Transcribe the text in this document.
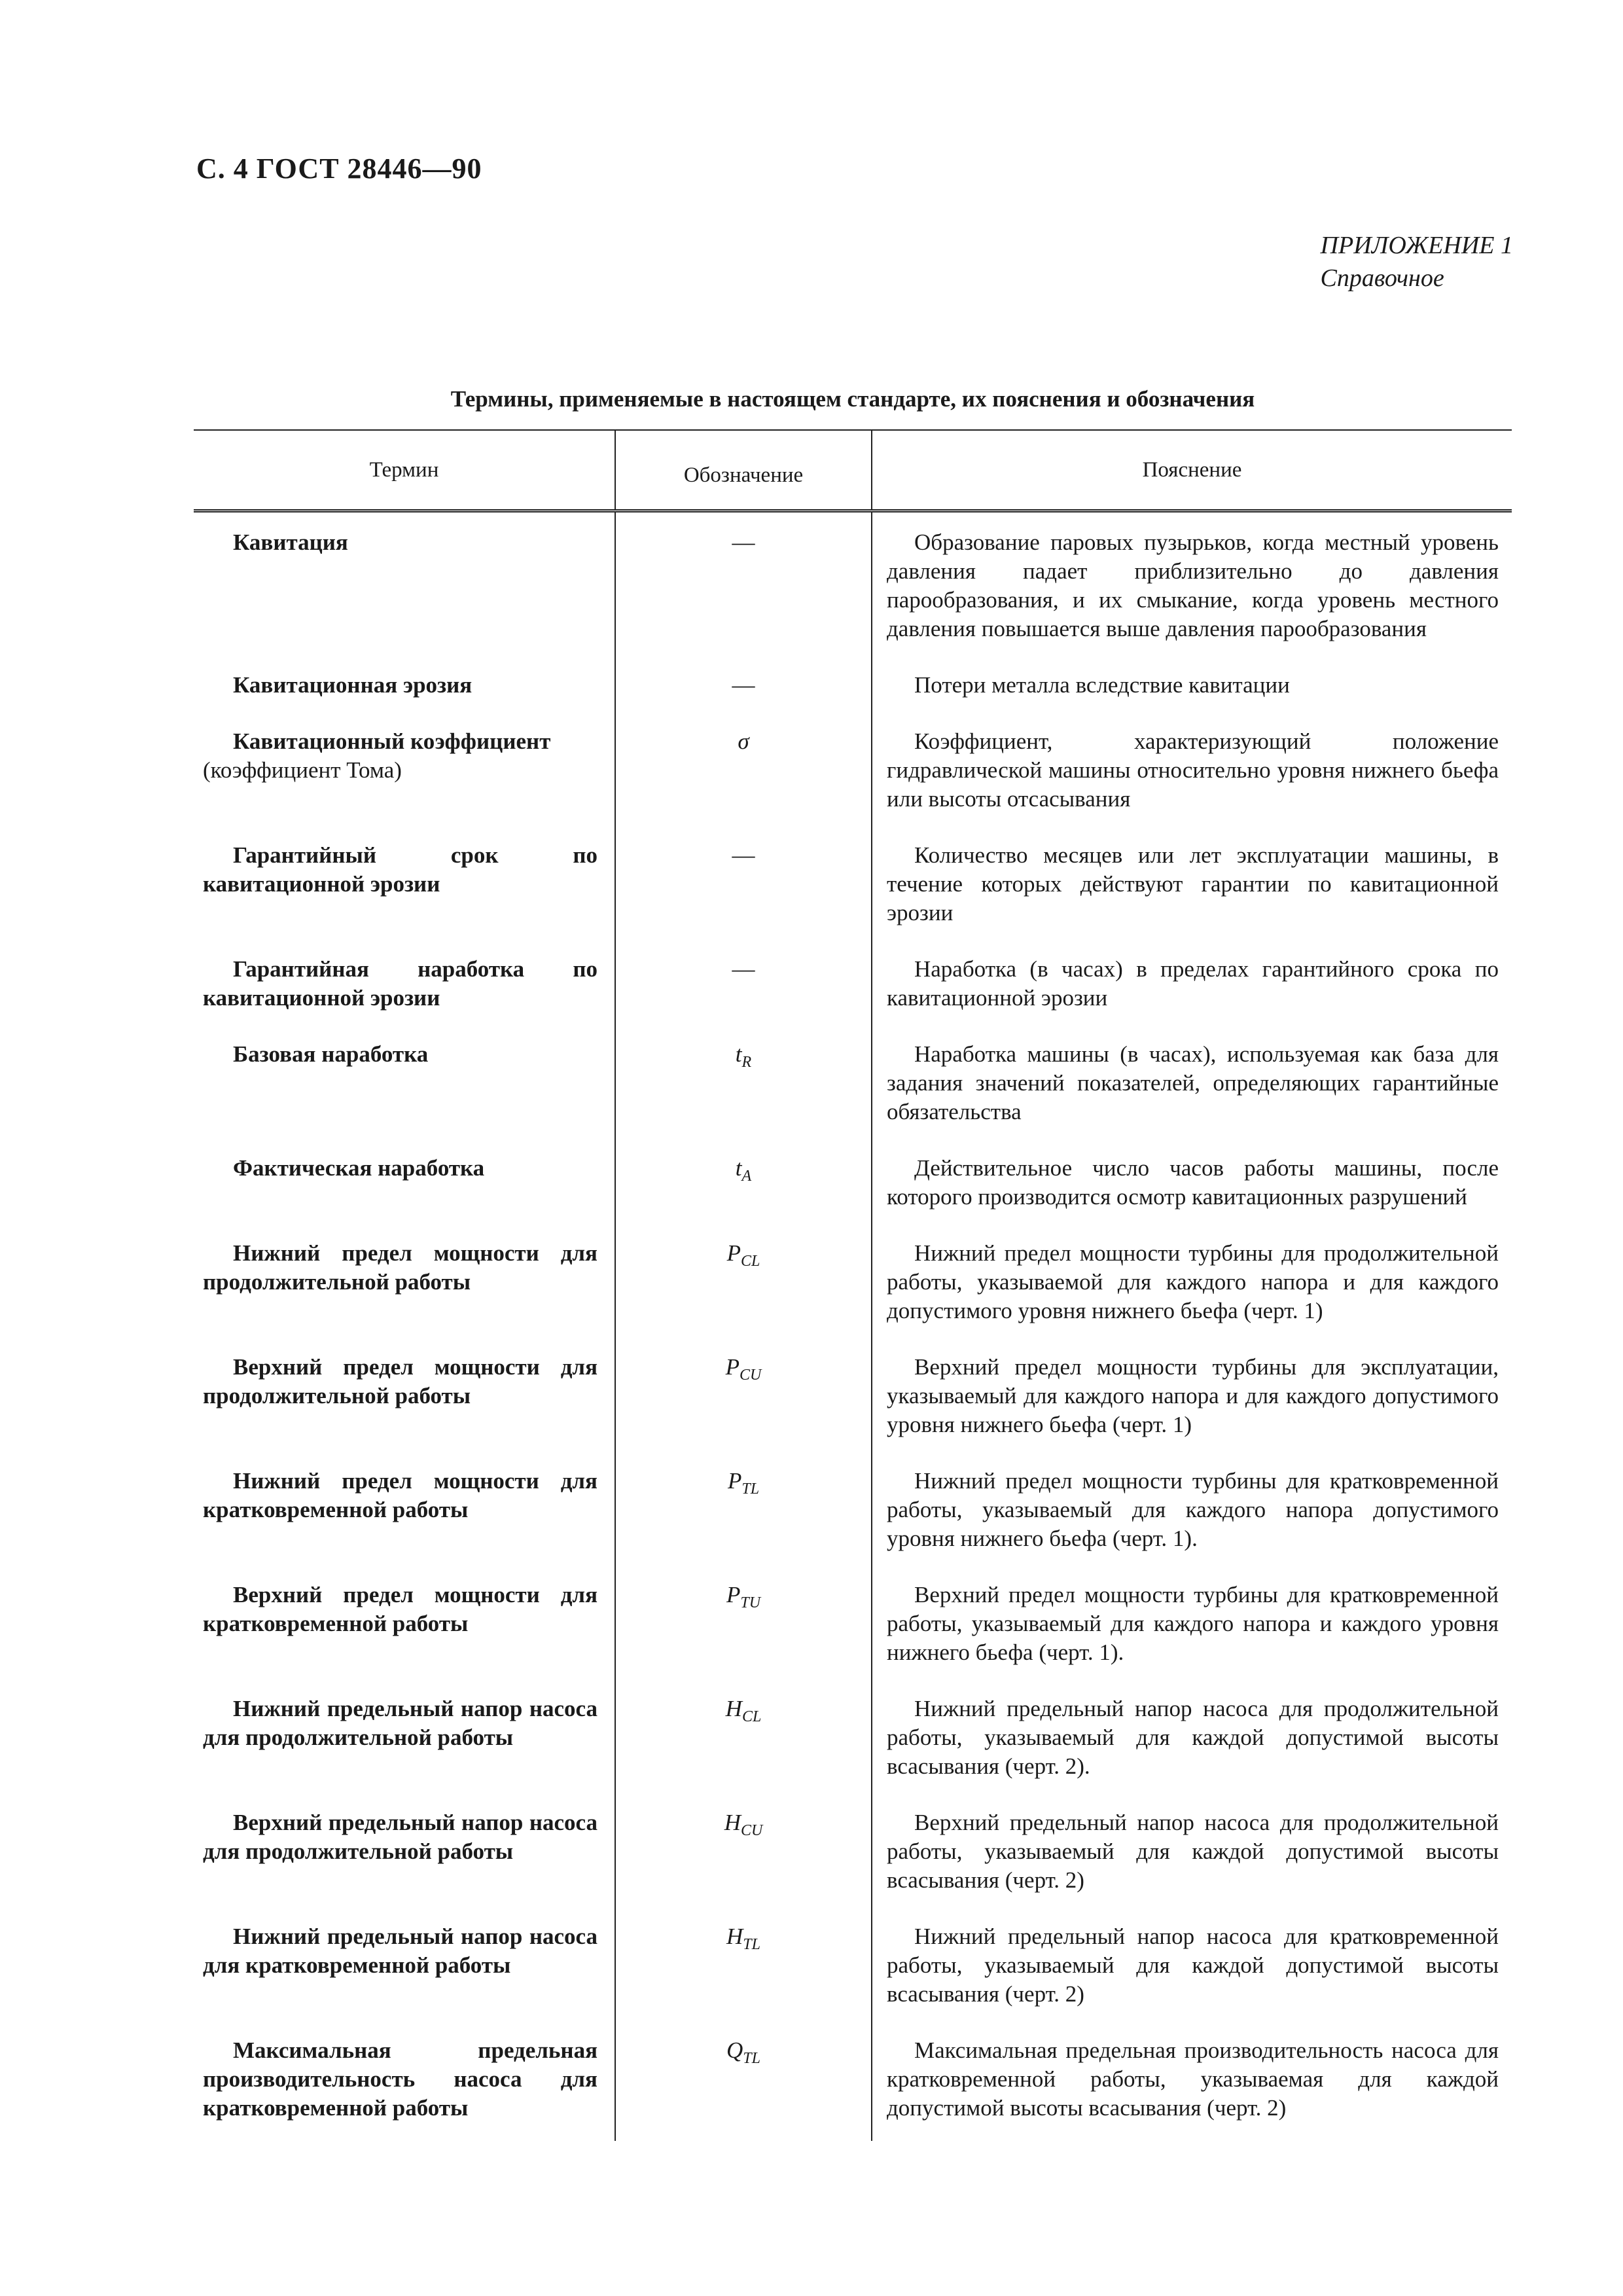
С. 4 ГОСТ 28446—90
ПРИЛОЖЕНИЕ 1
Справочное
Термины, применяемые в настоящем стандарте, их пояснения и обозначения
Термин	Обозначение	Пояснение

Кавитация	—	Образование паровых пузырьков, когда местный уровень давления падает приблизительно до давления парообразования, и их смыкание, когда уровень местного давления повышается выше давления парообразования

Кавитационная эрозия	—	Потери металла вследствие кавитации

Кавитационный коэффициент
(коэффициент Тома)	σ	Коэффициент, характеризующий положение гидравлической машины относительно уровня нижнего бьефа или высоты отсасывания

Гарантийный срок по кавитационной эрозии	—	Количество месяцев или лет эксплуатации машины, в течение которых действуют гарантии по кавитационной эрозии

Гарантийная наработка по кавитационной эрозии	—	Наработка (в часах) в пределах гарантийного срока по кавитационной эрозии

Базовая наработка	$t_R$	Наработка машины (в часах), используемая как база для задания значений показателей, определяющих гарантийные обязательства

Фактическая наработка	$t_A$	Действительное число часов работы машины, после которого производится осмотр кавитационных разрушений

Нижний предел мощности для продолжительной работы	$P_{CL}$	Нижний предел мощности турбины для продолжительной работы, указываемой для каждого напора и для каждого допустимого уровня нижнего бьефа (черт. 1)

Верхний предел мощности для продолжительной работы	$P_{CU}$	Верхний предел мощности турбины для эксплуатации, указываемый для каждого напора и для каждого допустимого уровня нижнего бьефа (черт. 1)

Нижний предел мощности для кратковременной работы	$P_{TL}$	Нижний предел мощности турбины для кратковременной работы, указываемый для каждого напора допустимого уровня нижнего бьефа (черт. 1).

Верхний предел мощности для кратковременной работы	$P_{TU}$	Верхний предел мощности турбины для кратковременной работы, указываемый для каждого напора и каждого уровня нижнего бьефа (черт. 1).

Нижний предельный напор насоса для продолжительной работы	$H_{CL}$	Нижний предельный напор насоса для продолжительной работы, указываемый для каждой допустимой высоты всасывания (черт. 2).

Верхний предельный напор насоса для продолжительной работы	$H_{CU}$	Верхний предельный напор насоса для продолжительной работы, указываемый для каждой допустимой высоты всасывания (черт. 2)

Нижний предельный напор насоса для кратковременной работы	$H_{TL}$	Нижний предельный напор насоса для кратковременной работы, указываемый для каждой допустимой высоты всасывания (черт. 2)

Максимальная предельная производительность насоса для кратковременной работы	$Q_{TL}$	Максимальная предельная производительность насоса для кратковременной работы, указываемая для каждой допустимой высоты всасывания (черт. 2)
